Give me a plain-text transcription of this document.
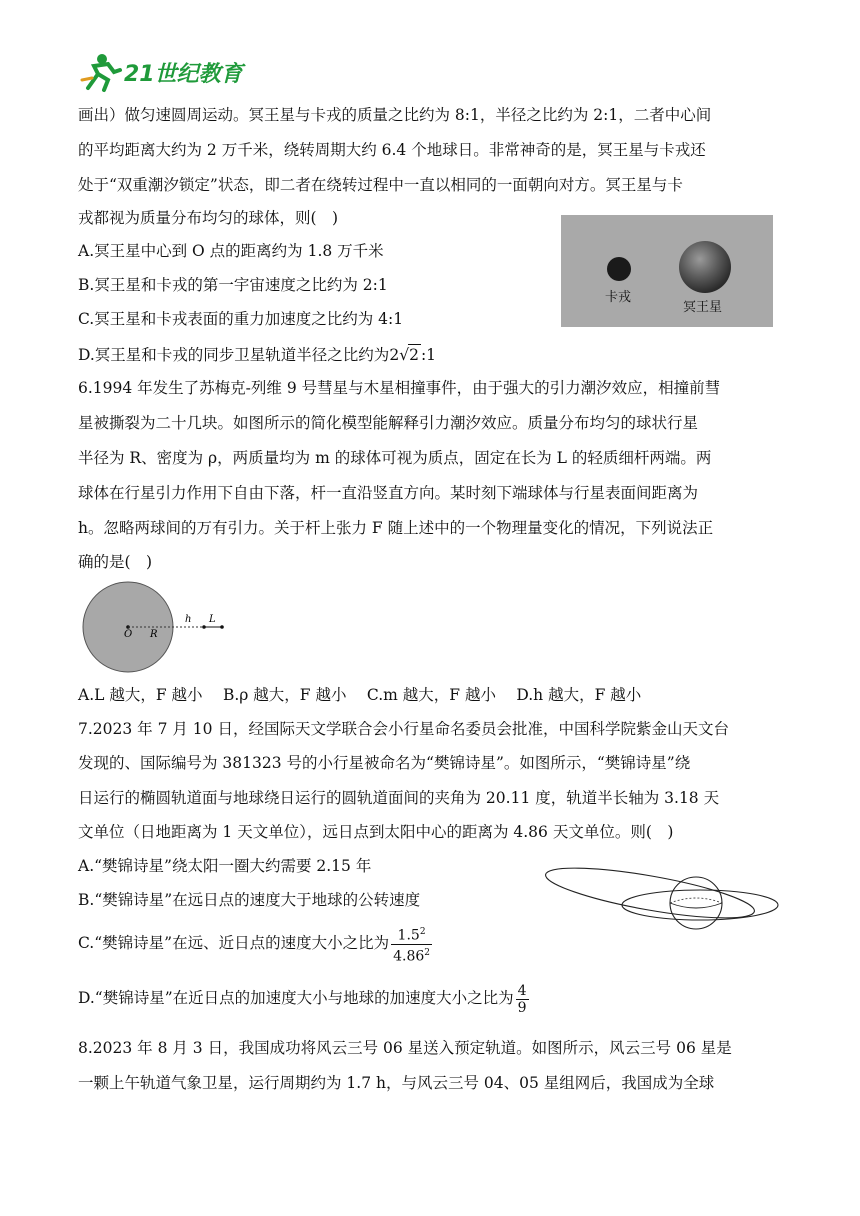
21世纪教育
画出）做匀速圆周运动。冥王星与卡戎的质量之比约为 8:1，半径之比约为 2:1，二者中心间
的平均距离大约为 2 万千米，绕转周期大约 6.4 个地球日。非常神奇的是，冥王星与卡戎还
处于“双重潮汐锁定”状态，即二者在绕转过程中一直以相同的一面朝向对方。冥王星与卡
戎都视为质量分布均匀的球体，则(　)
A.冥王星中心到 O 点的距离约为 1.8 万千米
B.冥王星和卡戎的第一宇宙速度之比约为 2:1
C.冥王星和卡戎表面的重力加速度之比约为 4:1
D.冥王星和卡戎的同步卫星轨道半径之比约为2√2 :1
卡戎
冥王星
6.1994 年发生了苏梅克-列维 9 号彗星与木星相撞事件，由于强大的引力潮汐效应，相撞前彗
星被撕裂为二十几块。如图所示的简化模型能解释引力潮汐效应。质量分布均匀的球状行星
半径为 R、密度为 ρ，两质量均为 m 的球体可视为质点，固定在长为 L 的轻质细杆两端。两
球体在行星引力作用下自由下落，杆一直沿竖直方向。某时刻下端球体与行星表面间距离为
h。忽略两球间的万有引力。关于杆上张力 F 随上述中的一个物理量变化的情况，下列说法正
确的是(　)
O R
h L
A.L 越大，F 越小　 B.ρ 越大，F 越小　 C.m 越大，F 越小　 D.h 越大，F 越小
7.2023 年 7 月 10 日，经国际天文学联合会小行星命名委员会批准，中国科学院紫金山天文台
发现的、国际编号为 381323 号的小行星被命名为“樊锦诗星”。如图所示，“樊锦诗星”绕
日运行的椭圆轨道面与地球绕日运行的圆轨道面间的夹角为 20.11 度，轨道半长轴为 3.18 天
文单位（日地距离为 1 天文单位），远日点到太阳中心的距离为 4.86 天文单位。则(　)
A.“樊锦诗星”绕太阳一圈大约需要 2.15 年
B.“樊锦诗星”在远日点的速度大于地球的公转速度
C.“樊锦诗星”在远、近日点的速度大小之比为 $\frac{1.5^2}{4.86^2}$
D.“樊锦诗星”在近日点的加速度大小与地球的加速度大小之比为 $\frac{4}{9}$
8.2023 年 8 月 3 日，我国成功将风云三号 06 星送入预定轨道。如图所示，风云三号 06 星是
一颗上午轨道气象卫星，运行周期约为 1.7 h，与风云三号 04、05 星组网后，我国成为全球
